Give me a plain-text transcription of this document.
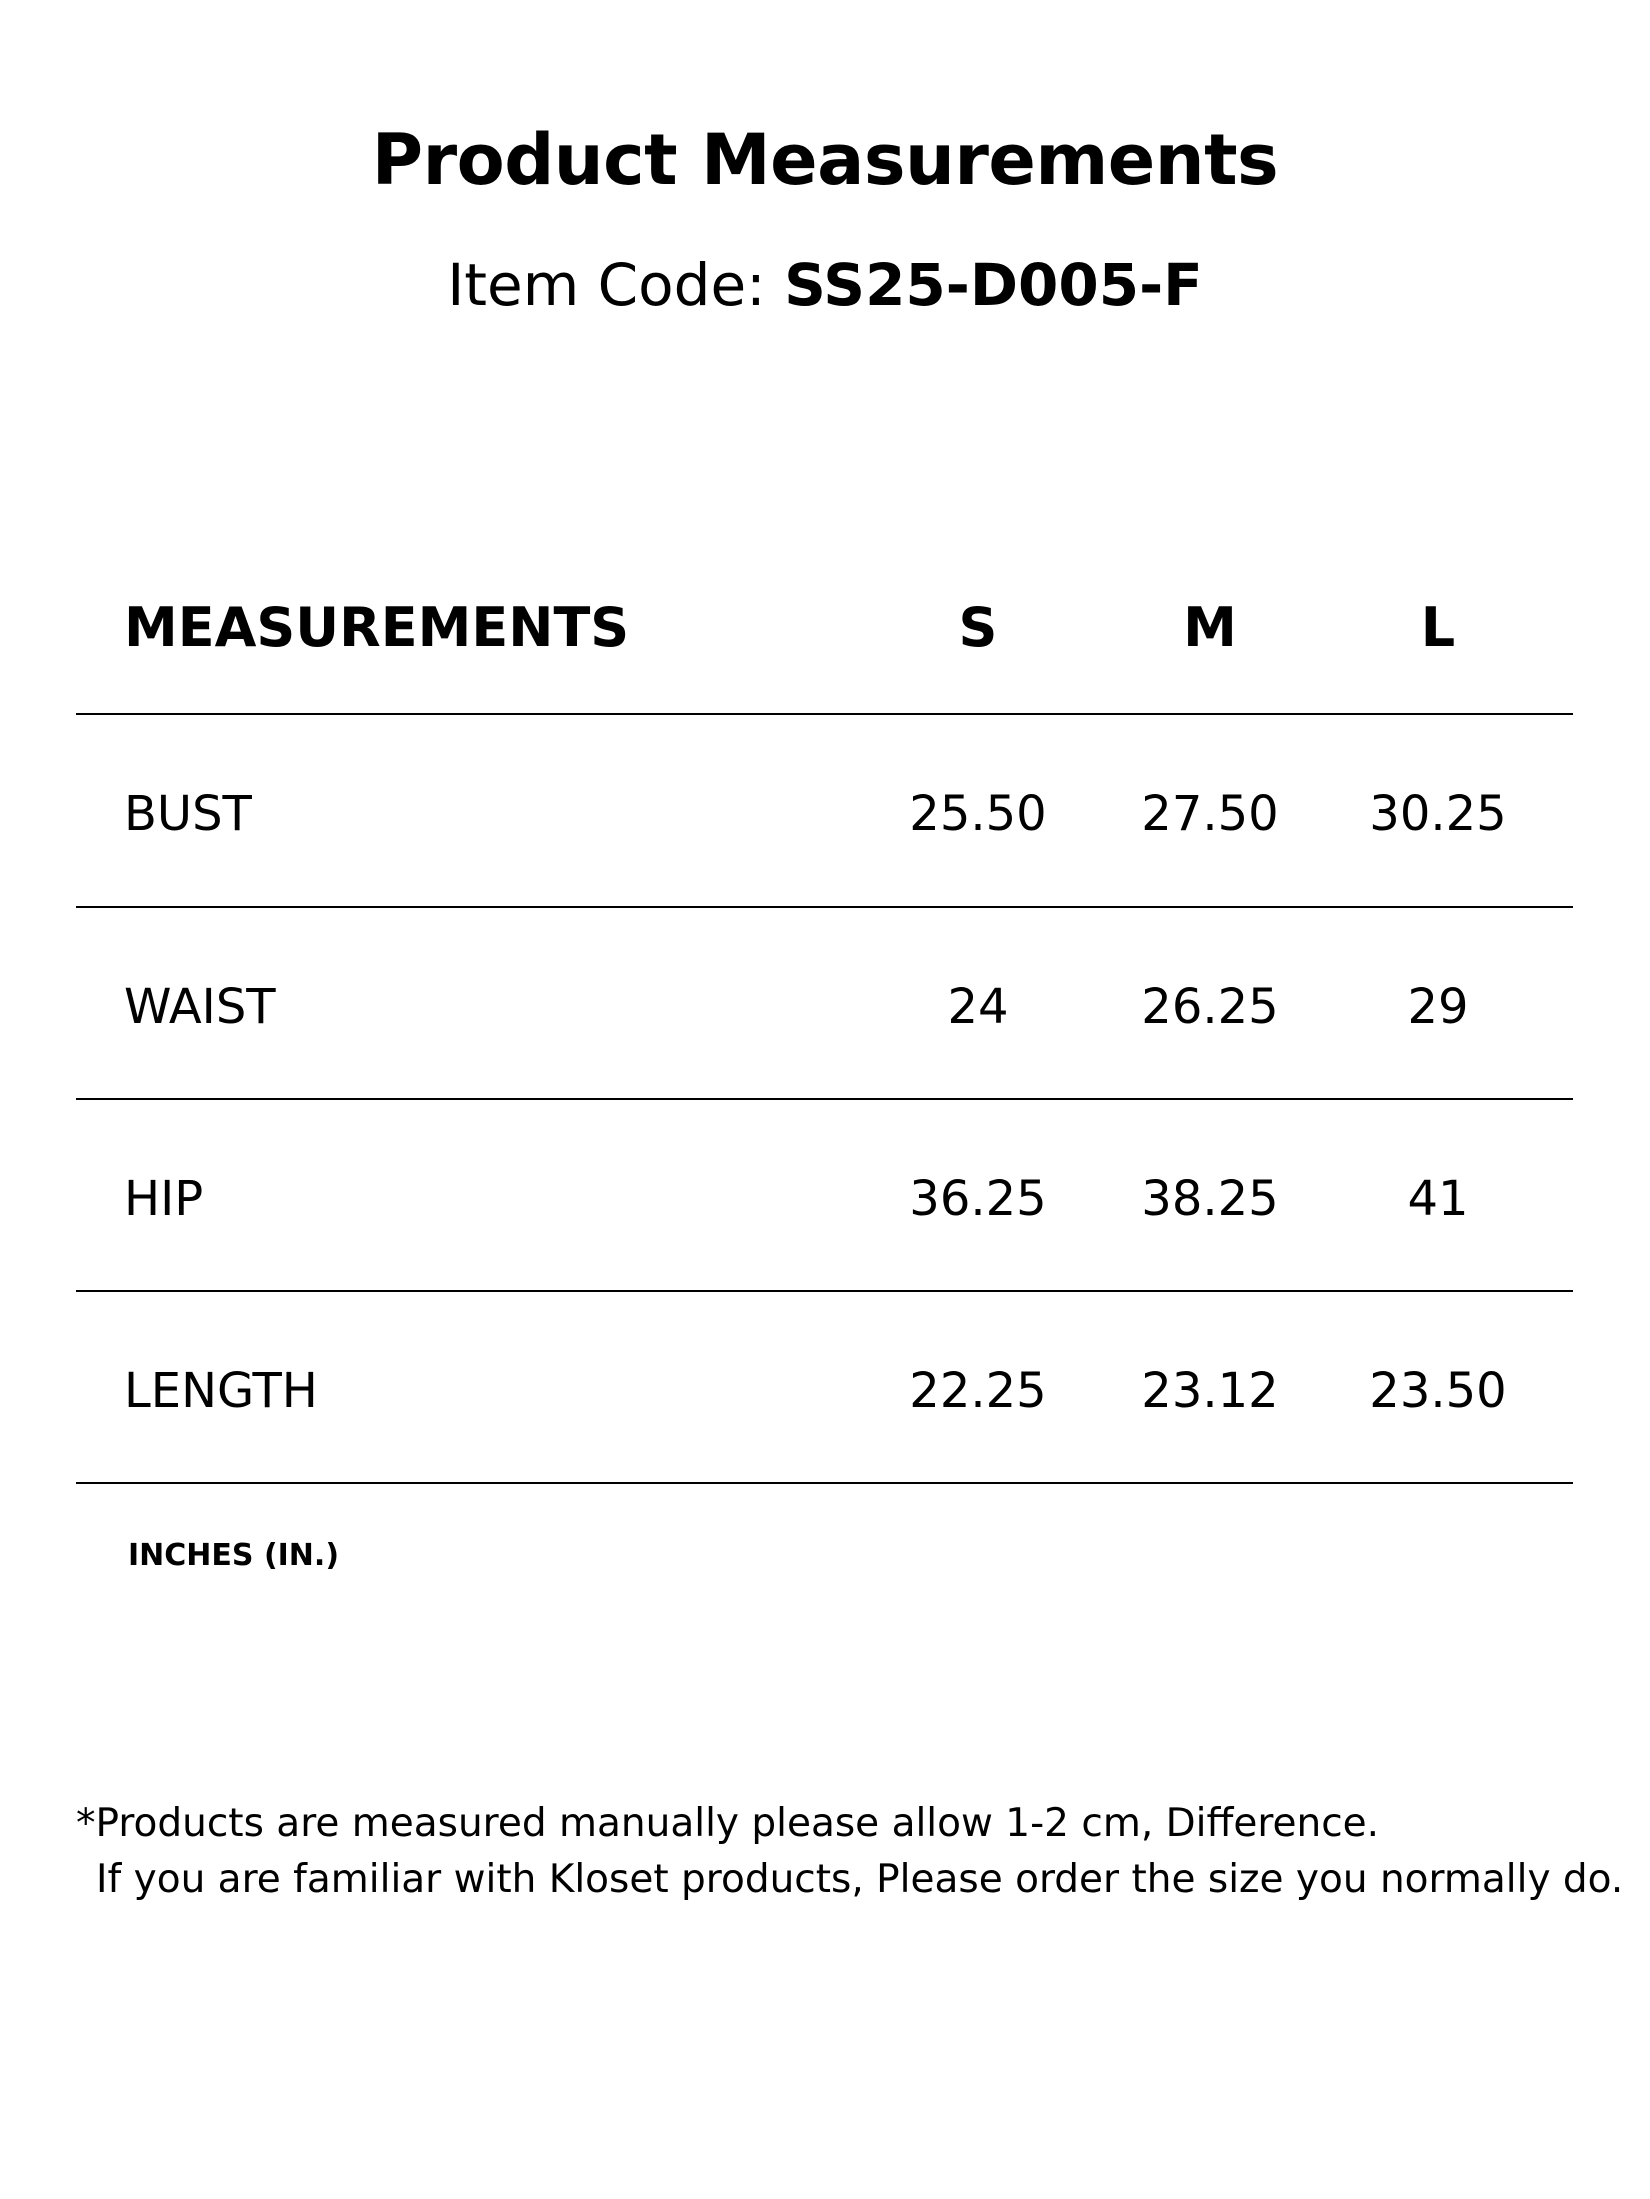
Product Measurements
Item Code: SS25-D005-F
MEASUREMENTS	S	M	L
BUST	25.50	27.50	30.25
WAIST	24	26.25	29
HIP	36.25	38.25	41
LENGTH	22.25	23.12	23.50
INCHES (IN.)
*Products are measured manually please allow 1-2 cm, Difference.
If you are familiar with Kloset products, Please order the size you normally do.
